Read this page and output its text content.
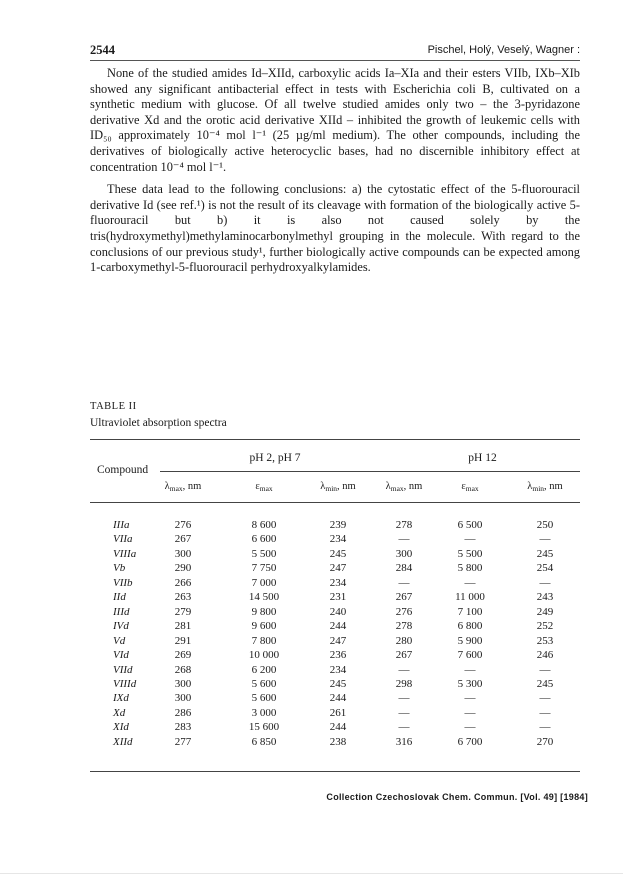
2544	Pischel, Holý, Veselý, Wagner :

None of the studied amides Id–XIId, carboxylic acids Ia–XIa and their esters VIIb, IXb–XIb showed any significant antibacterial effect in tests with Escherichia coli B, cultivated on a synthetic medium with glucose. Of all twelve studied amides only two – the 3-pyridazone derivative Xd and the orotic acid derivative XIId – inhibited the growth of leukemic cells with ID₅₀ approximately 10⁻⁴ mol l⁻¹ (25 µg/ml medium). The other compounds, including the derivatives of biologically active heterocyclic bases, had no discernible inhibitory effect at concentration 10⁻⁴ mol l⁻¹.

These data lead to the following conclusions: a) the cytostatic effect of the 5-fluorouracil derivative Id (see ref.¹) is not the result of its cleavage with formation of the biologically active 5-fluorouracil but b) it is also not caused solely by the tris(hydroxymethyl)methylaminocarbonylmethyl grouping in the molecule. With regard to the conclusions of our previous study¹, further biologically active compounds can be expected among 1-carboxymethyl-5-fluorouracil perhydroxyalkylamides.

TABLE II
Ultraviolet absorption spectra
Compound
pH 2, pH 7	pH 12
$\lambda_{max}$, nm	$\varepsilon_{max}$	$\lambda_{min}$, nm	$\lambda_{max}$, nm	$\varepsilon_{max}$	$\lambda_{min}$, nm
IIIa	276	8 600	239	278	6 500	250
VIIa	267	6 600	234	—	—	—
VIIIa	300	5 500	245	300	5 500	245
Vb	290	7 750	247	284	5 800	254
VIIb	266	7 000	234	—	—	—
IId	263	14 500	231	267	11 000	243
IIId	279	9 800	240	276	7 100	249
IVd	281	9 600	244	278	6 800	252
Vd	291	7 800	247	280	5 900	253
VId	269	10 000	236	267	7 600	246
VIId	268	6 200	234	—	—	—
VIIId	300	5 600	245	298	5 300	245
IXd	300	5 600	244	—	—	—
Xd	286	3 000	261	—	—	—
XId	283	15 600	244	—	—	—
XIId	277	6 850	238	316	6 700	270
Collection Czechoslovak Chem. Commun. [Vol. 49] [1984]
